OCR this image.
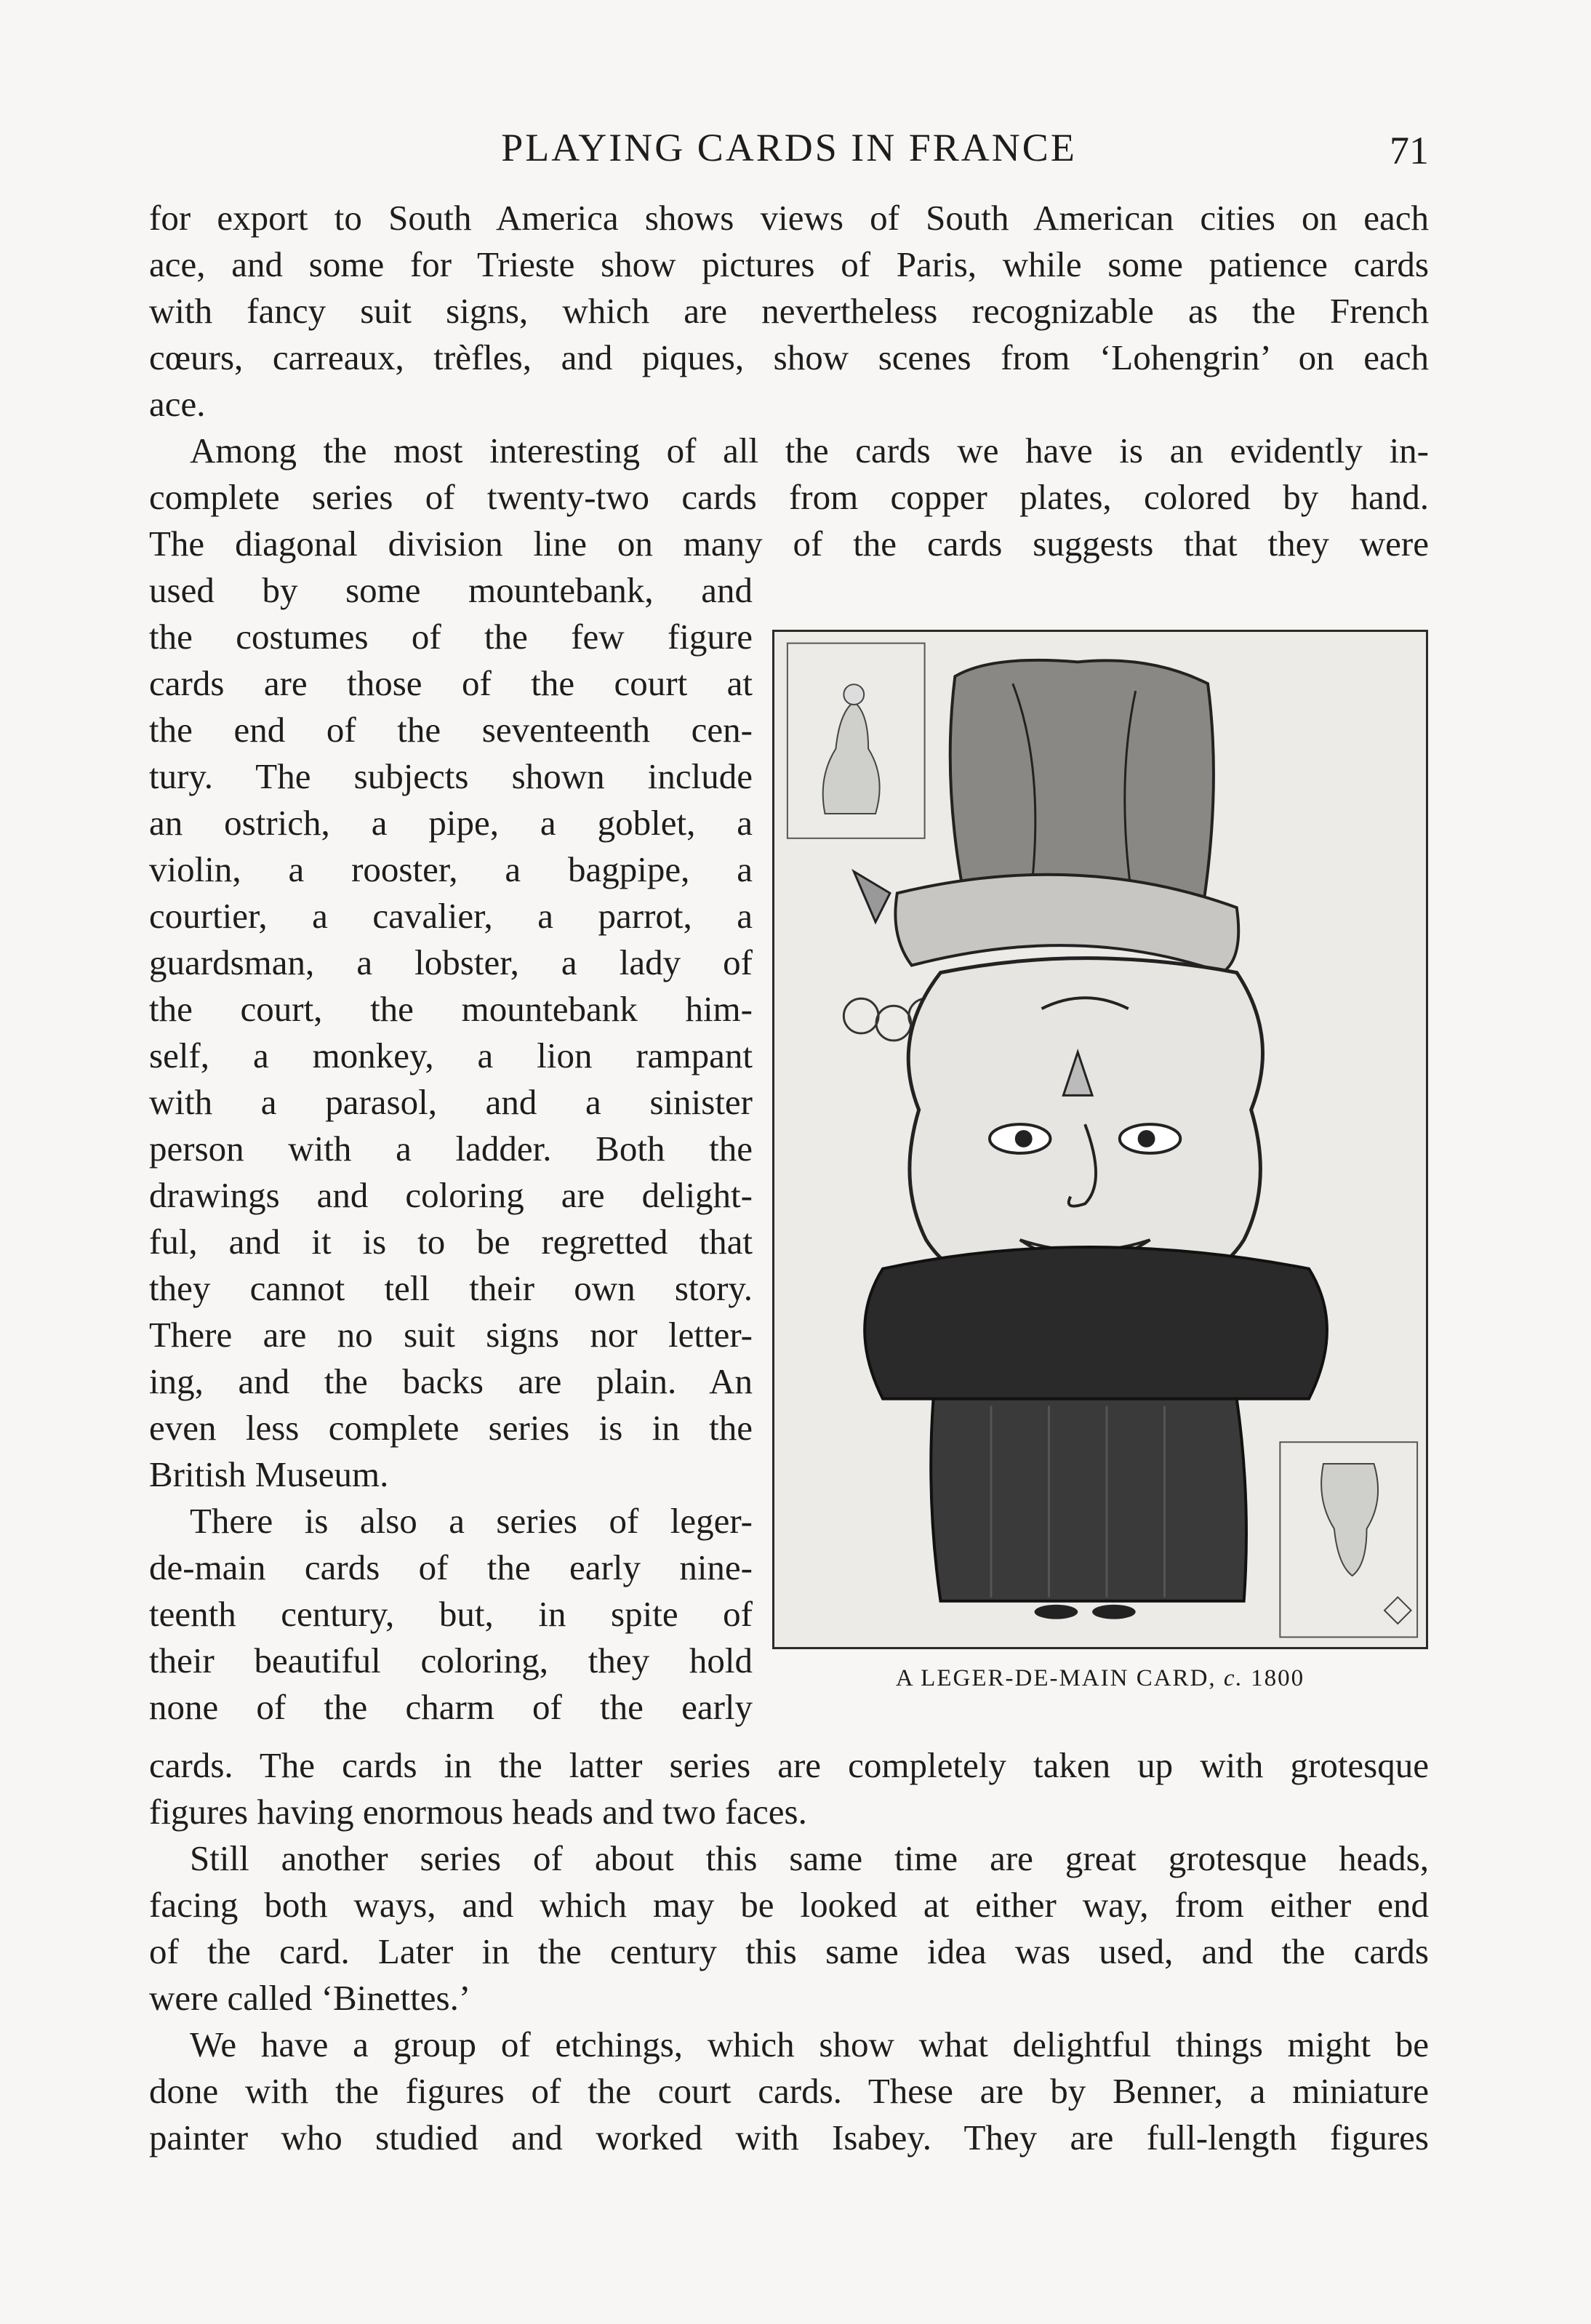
PLAYING CARDS IN FRANCE	71
for export to South America shows views of South American cities on each
ace, and some for Trieste show pictures of Paris, while some patience cards
with fancy suit signs, which are nevertheless recognizable as the French
cœurs, carreaux, trèfles, and piques, show scenes from ‘Lohengrin’ on each
ace.
Among the most interesting of all the cards we have is an evidently in-
complete series of twenty-two cards from copper plates, colored by hand.
The diagonal division line on many of the cards suggests that they were
used by some mountebank, and
the costumes of the few figure
cards are those of the court at
the end of the seventeenth cen-
tury. The subjects shown include
an ostrich, a pipe, a goblet, a
violin, a rooster, a bagpipe, a
courtier, a cavalier, a parrot, a
guardsman, a lobster, a lady of
the court, the mountebank him-
self, a monkey, a lion rampant
with a parasol, and a sinister
person with a ladder. Both the
drawings and coloring are delight-
ful, and it is to be regretted that
they cannot tell their own story.
There are no suit signs nor letter-
ing, and the backs are plain. An
even less complete series is in the
British Museum.
There is also a series of leger-
de-main cards of the early nine-
teenth century, but, in spite of
their beautiful coloring, they hold
none of the charm of the early
A LEGER-DE-MAIN CARD, c. 1800
cards. The cards in the latter series are completely taken up with grotesque
figures having enormous heads and two faces.
Still another series of about this same time are great grotesque heads,
facing both ways, and which may be looked at either way, from either end
of the card. Later in the century this same idea was used, and the cards
were called ‘Binettes.’
We have a group of etchings, which show what delightful things might be
done with the figures of the court cards. These are by Benner, a miniature
painter who studied and worked with Isabey. They are full-length figures
